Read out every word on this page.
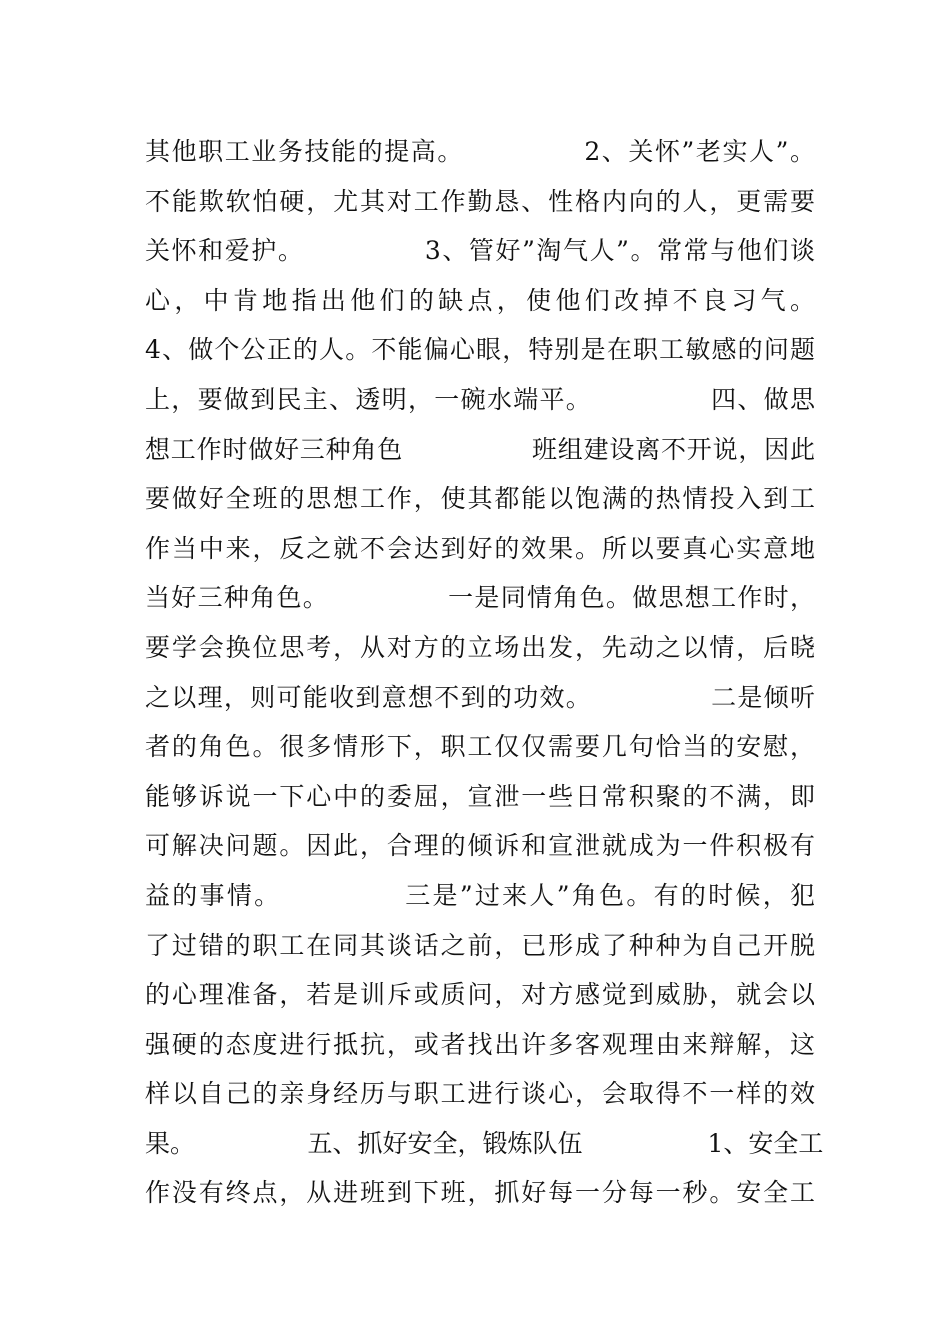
其他职工业务技能的提高。　　　　　2、关怀”老实人”。
不能欺软怕硬，尤其对工作勤恳、性格内向的人，更需要
关怀和爱护。　　　　　3、管好”淘气人”。常常与他们谈
心，中肯地指出他们的缺点，使他们改掉不良习气。
4、做个公正的人。不能偏心眼，特别是在职工敏感的问题
上，要做到民主、透明，一碗水端平。　　　　　四、做思
想工作时做好三种角色　　　　　班组建设离不开说，因此
要做好全班的思想工作，使其都能以饱满的热情投入到工
作当中来，反之就不会达到好的效果。所以要真心实意地
当好三种角色。　　　　　一是同情角色。做思想工作时，
要学会换位思考，从对方的立场出发，先动之以情，后晓
之以理，则可能收到意想不到的功效。　　　　　二是倾听
者的角色。很多情形下，职工仅仅需要几句恰当的安慰，
能够诉说一下心中的委屈，宣泄一些日常积聚的不满，即
可解决问题。因此，合理的倾诉和宣泄就成为一件积极有
益的事情。　　　　　三是”过来人”角色。有的时候，犯
了过错的职工在同其谈话之前，已形成了种种为自己开脱
的心理准备，若是训斥或质问，对方感觉到威胁，就会以
强硬的态度进行抵抗，或者找出许多客观理由来辩解，这
样以自己的亲身经历与职工进行谈心，会取得不一样的效
果。　　　　　五、抓好安全，锻炼队伍　　　　　1、安全工
作没有终点，从进班到下班，抓好每一分每一秒。安全工
